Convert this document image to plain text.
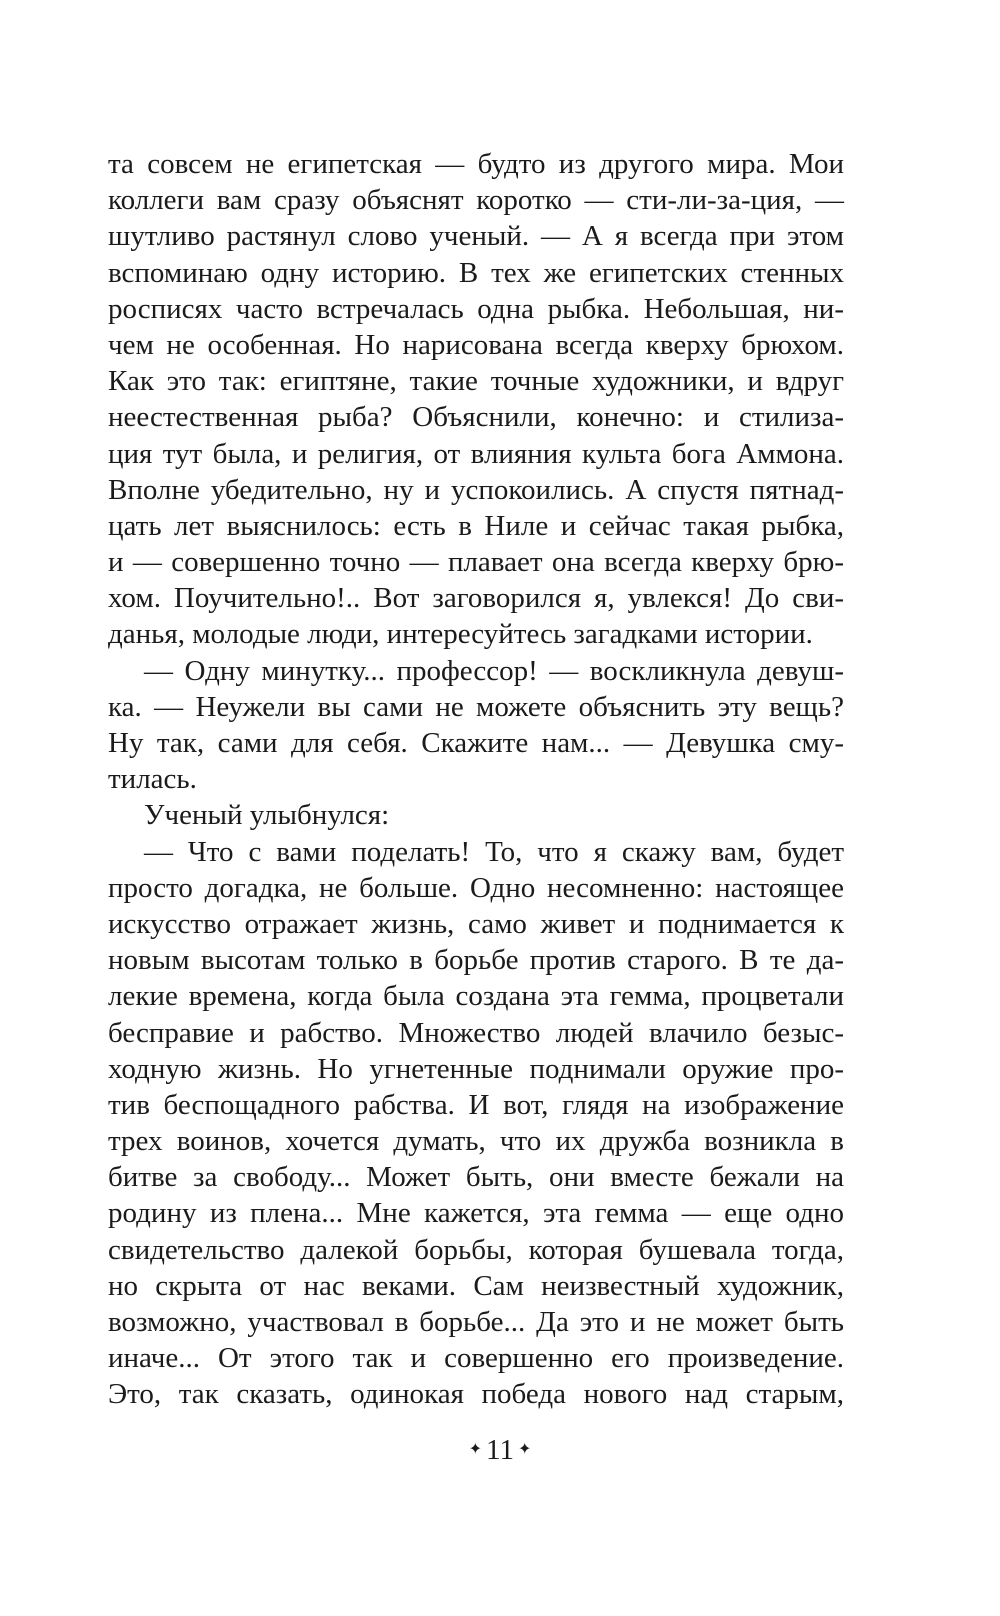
та совсем не египетская — будто из другого мира. Мои
коллеги вам сразу объяснят коротко — сти-ли-за-ция, —
шутливо растянул слово ученый. — А я всегда при этом
вспоминаю одну историю. В тех же египетских стенных
росписях часто встречалась одна рыбка. Небольшая, ни-
чем не особенная. Но нарисована всегда кверху брюхом.
Как это так: египтяне, такие точные художники, и вдруг
неестественная рыба? Объяснили, конечно: и стилиза-
ция тут была, и религия, от влияния культа бога Аммона.
Вполне убедительно, ну и успокоились. А спустя пятнад-
цать лет выяснилось: есть в Ниле и сейчас такая рыбка,
и — совершенно точно — плавает она всегда кверху брю-
хом. Поучительно!.. Вот заговорился я, увлекся! До сви-
данья, молодые люди, интересуйтесь загадками истории.
— Одну минутку... профессор! — воскликнула девуш-
ка. — Неужели вы сами не можете объяснить эту вещь?
Ну так, сами для себя. Скажите нам... — Девушка сму-
тилась.
Ученый улыбнулся:
— Что с вами поделать! То, что я скажу вам, будет
просто догадка, не больше. Одно несомненно: настоящее
искусство отражает жизнь, само живет и поднимается к
новым высотам только в борьбе против старого. В те да-
лекие времена, когда была создана эта гемма, процветали
бесправие и рабство. Множество людей влачило безыс-
ходную жизнь. Но угнетенные поднимали оружие про-
тив беспощадного рабства. И вот, глядя на изображение
трех воинов, хочется думать, что их дружба возникла в
битве за свободу... Может быть, они вместе бежали на
родину из плена... Мне кажется, эта гемма — еще одно
свидетельство далекой борьбы, которая бушевала тогда,
но скрыта от нас веками. Сам неизвестный художник,
возможно, участвовал в борьбе... Да это и не может быть
иначе... От этого так и совершенно его произведение.
Это, так сказать, одинокая победа нового над старым,
✦ 11 ✦
